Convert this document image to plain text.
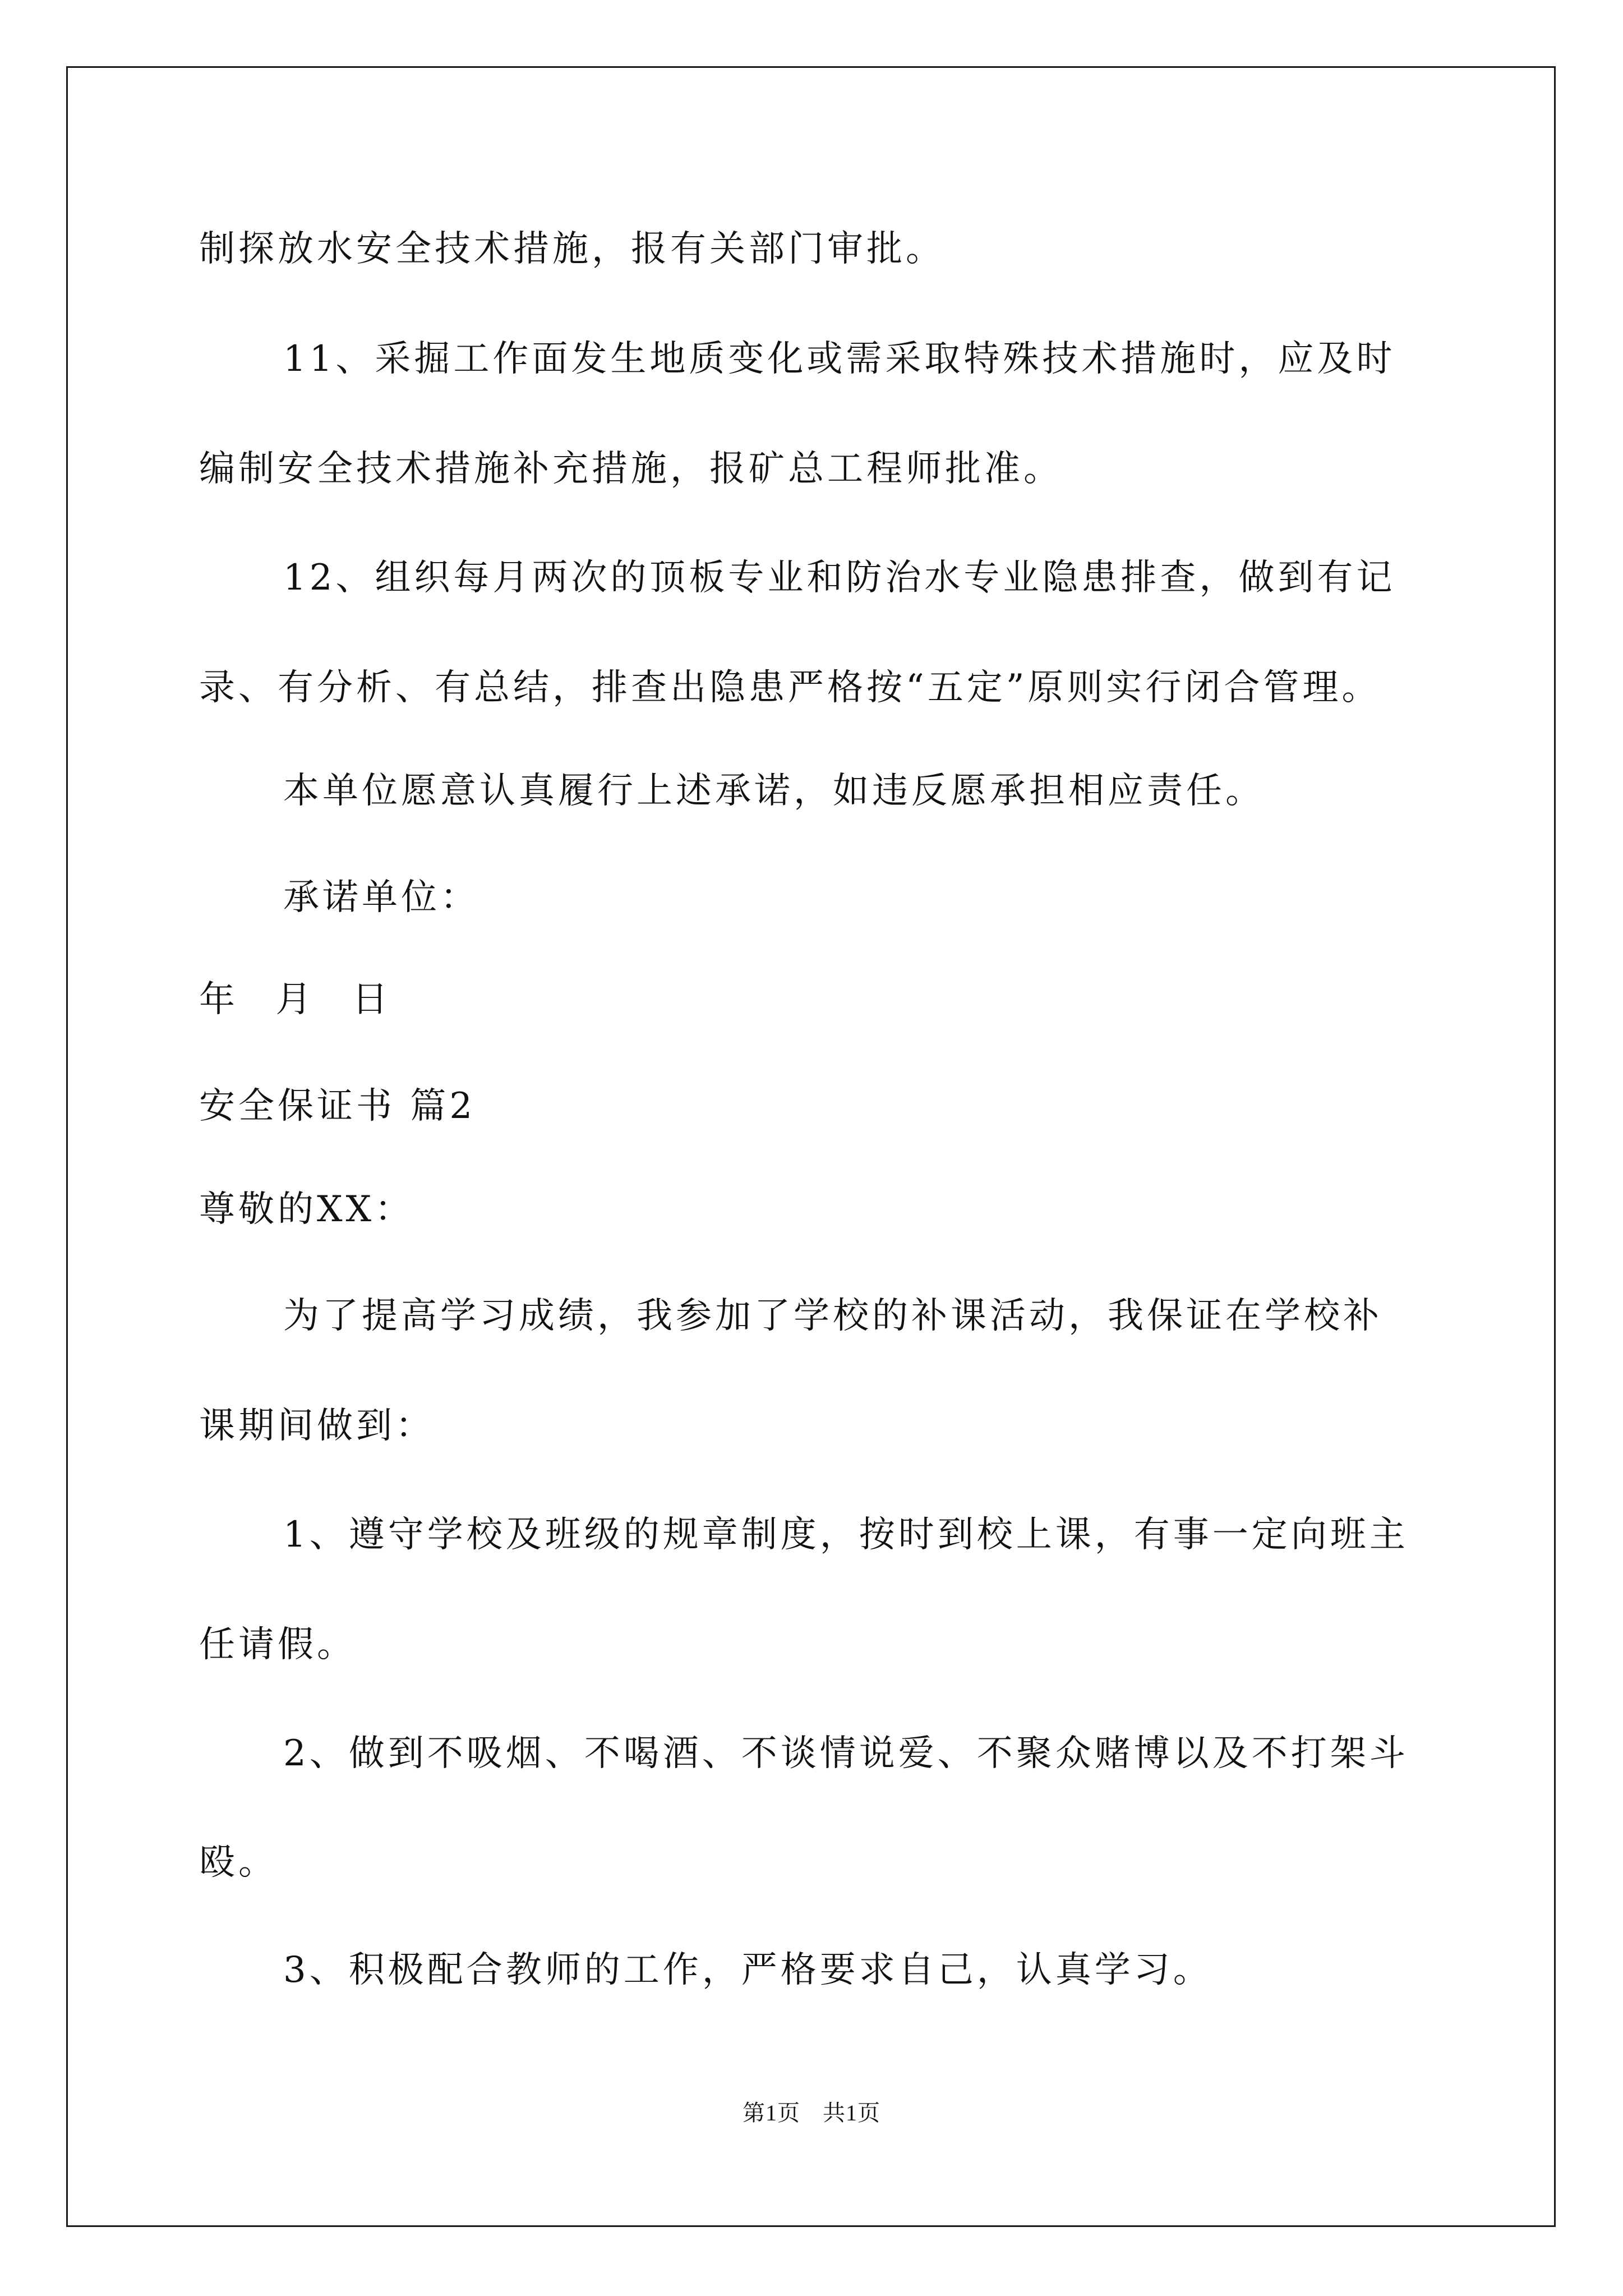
制探放水安全技术措施，报有关部门审批。
11、采掘工作面发生地质变化或需采取特殊技术措施时，应及时
编制安全技术措施补充措施，报矿总工程师批准。
12、组织每月两次的顶板专业和防治水专业隐患排查，做到有记
录、有分析、有总结，排查出隐患严格按“五定”原则实行闭合管理。
本单位愿意认真履行上述承诺，如违反愿承担相应责任。
承诺单位：
年 月 日
安全保证书 篇2
尊敬的XX：
为了提高学习成绩，我参加了学校的补课活动，我保证在学校补
课期间做到：
1、遵守学校及班级的规章制度，按时到校上课，有事一定向班主
任请假。
2、做到不吸烟、不喝酒、不谈情说爱、不聚众赌博以及不打架斗
殴。
3、积极配合教师的工作，严格要求自己，认真学习。
第1页 共1页
